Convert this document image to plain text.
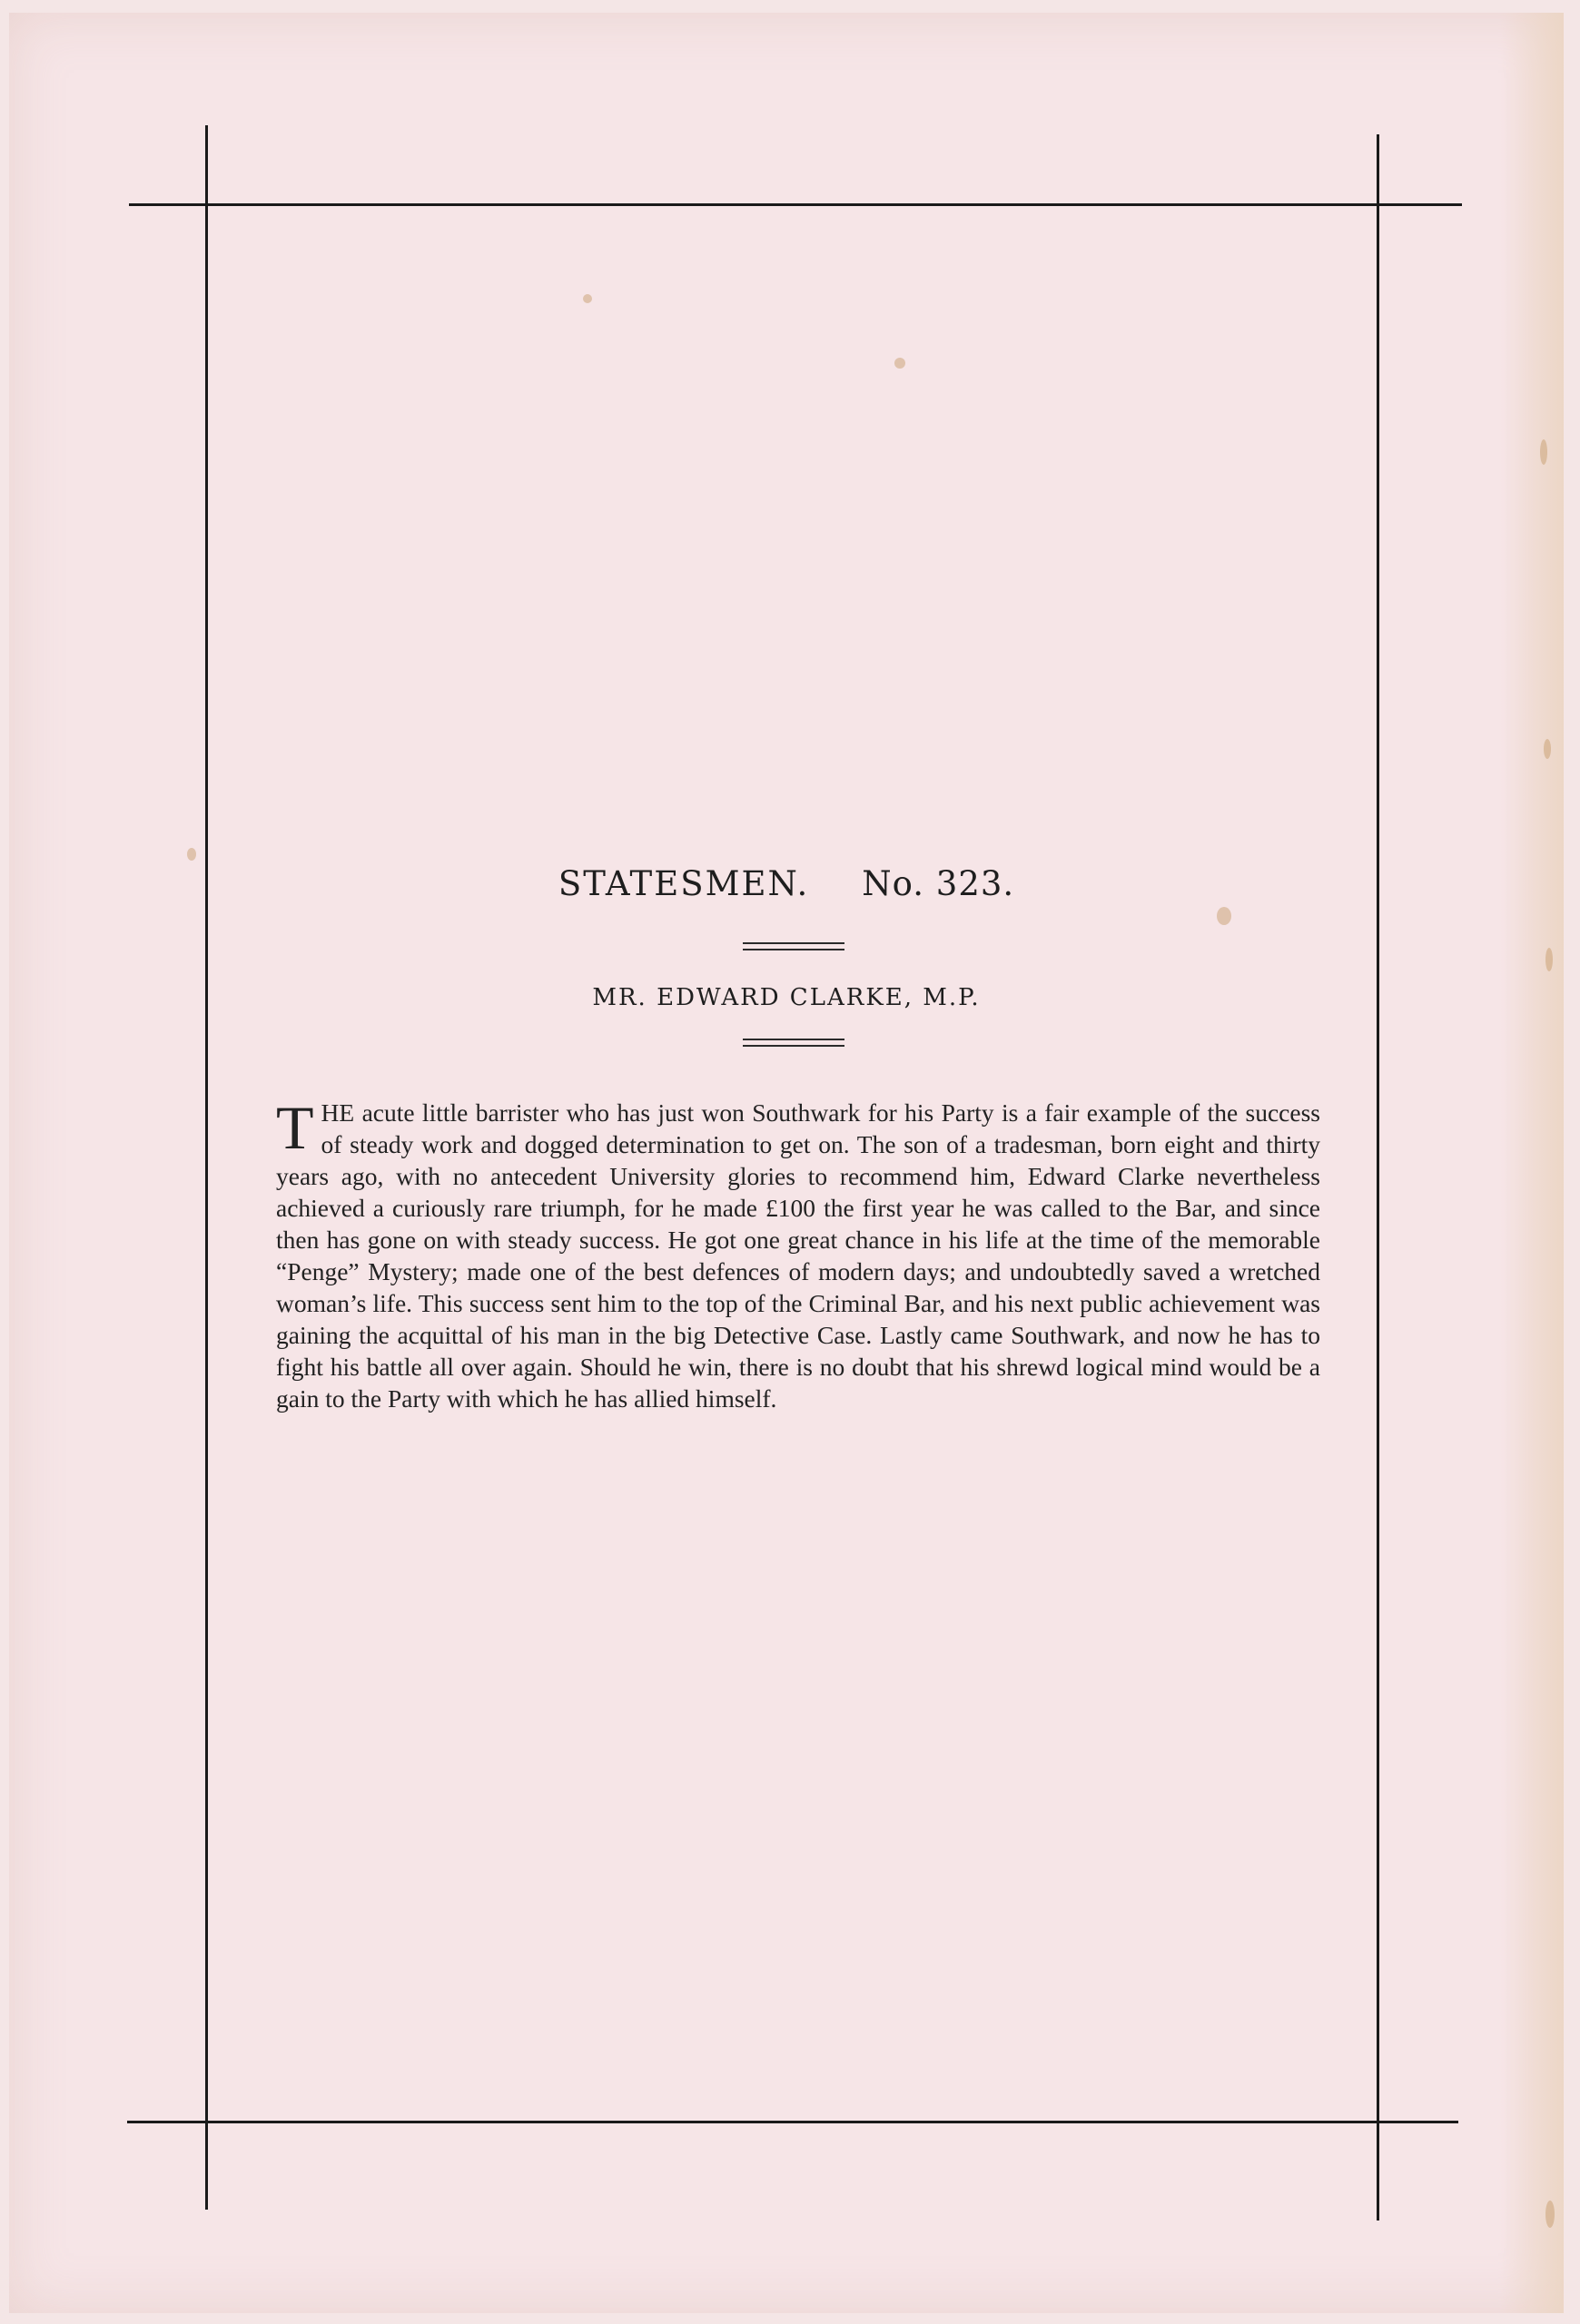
STATESMEN. No. 323.
MR. EDWARD CLARKE, M.P.
THE acute little barrister who has just won Southwark for his Party is a fair example of the success of steady work and dogged determination to get on. The son of a tradesman, born eight and thirty years ago, with no antecedent University glories to recommend him, Edward Clarke nevertheless achieved a curiously rare triumph, for he made £100 the first year he was called to the Bar, and since then has gone on with steady success. He got one great chance in his life at the time of the memorable “Penge” Mystery; made one of the best defences of modern days; and undoubtedly saved a wretched woman’s life. This success sent him to the top of the Criminal Bar, and his next public achievement was gaining the acquittal of his man in the big Detective Case. Lastly came Southwark, and now he has to fight his battle all over again. Should he win, there is no doubt that his shrewd logical mind would be a gain to the Party with which he has allied himself.
